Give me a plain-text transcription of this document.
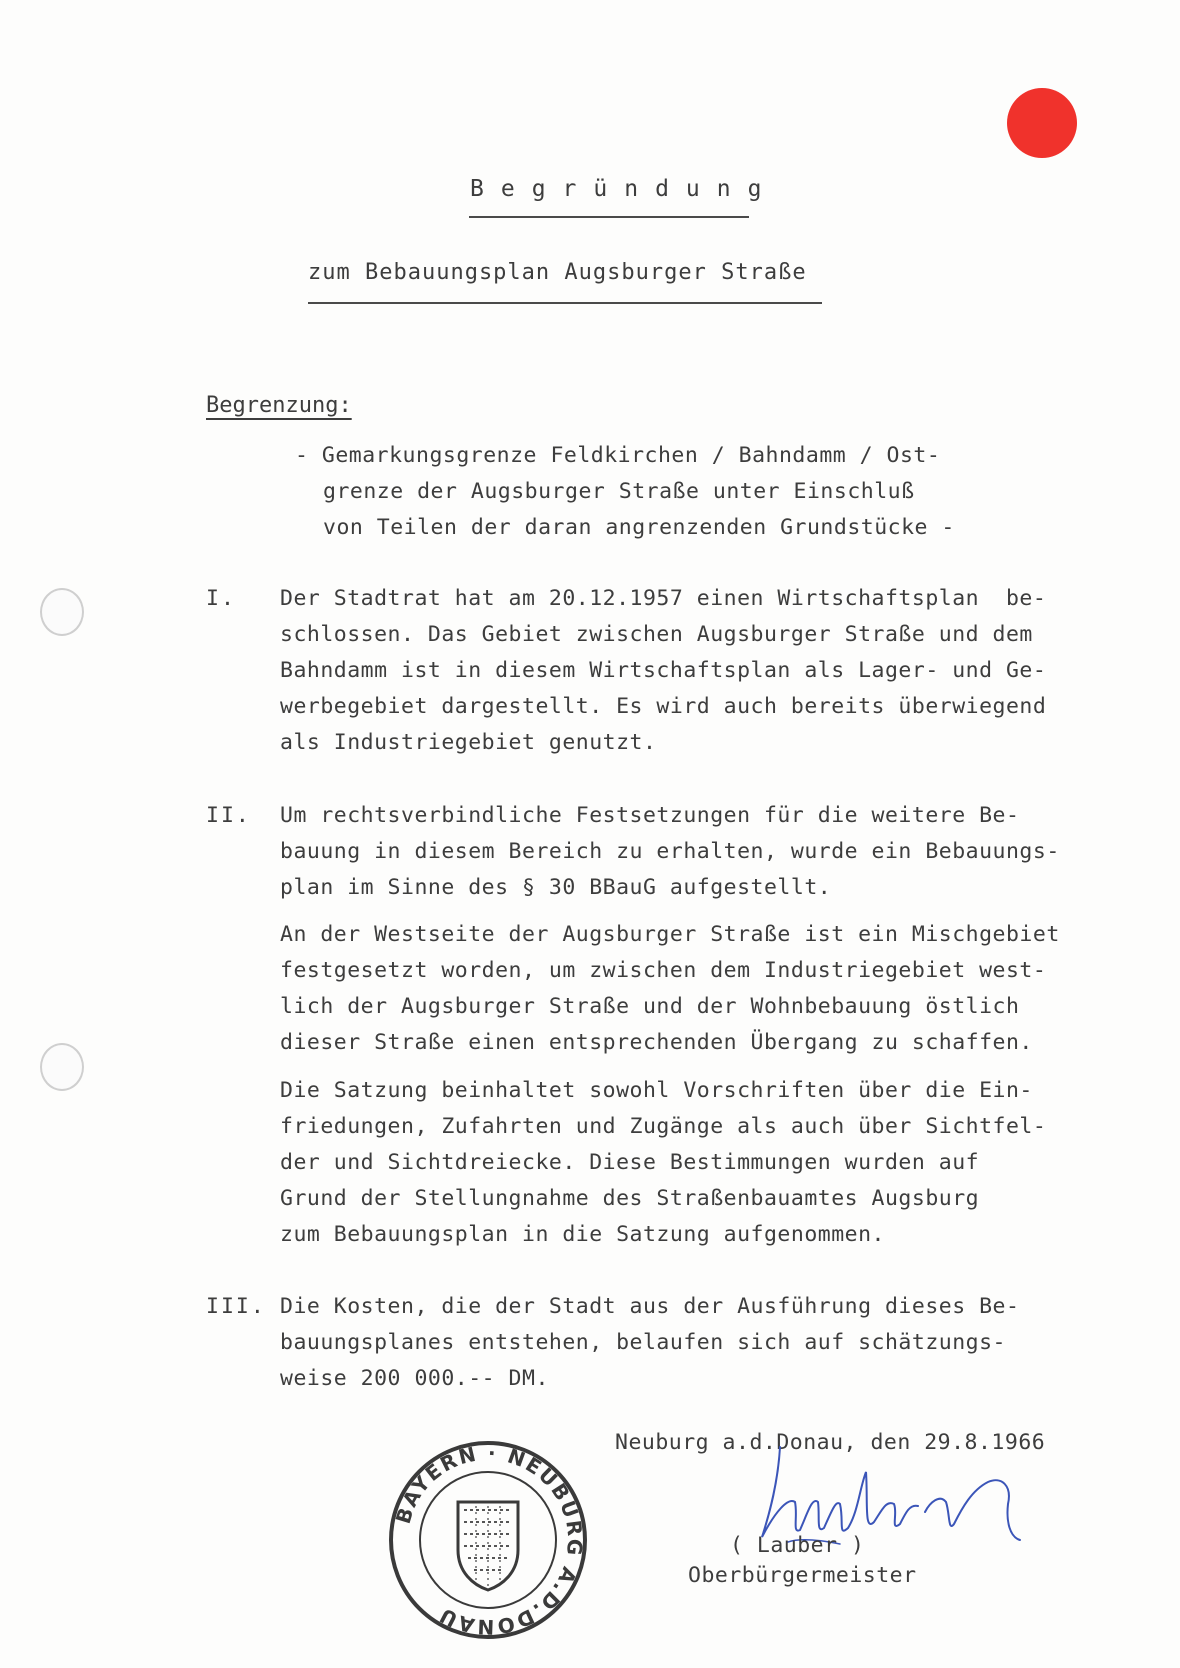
Begründung
zum Bebauungsplan Augsburger Straße
Begrenzung:
- Gemarkungsgrenze Feldkirchen / Bahndamm / Ost-
grenze der Augsburger Straße unter Einschluß
von Teilen der daran angrenzenden Grundstücke -
I. Der Stadtrat hat am 20.12.1957 einen Wirtschaftsplan  be-
schlossen. Das Gebiet zwischen Augsburger Straße und dem
Bahndamm ist in diesem Wirtschaftsplan als Lager- und Ge-
werbegebiet dargestellt. Es wird auch bereits überwiegend
als Industriegebiet genutzt.
II. Um rechtsverbindliche Festsetzungen für die weitere Be-
bauung in diesem Bereich zu erhalten, wurde ein Bebauungs-
plan im Sinne des § 30 BBauG aufgestellt.
An der Westseite der Augsburger Straße ist ein Mischgebiet
festgesetzt worden, um zwischen dem Industriegebiet west-
lich der Augsburger Straße und der Wohnbebauung östlich
dieser Straße einen entsprechenden Übergang zu schaffen.
Die Satzung beinhaltet sowohl Vorschriften über die Ein-
friedungen, Zufahrten und Zugänge als auch über Sichtfel-
der und Sichtdreiecke. Diese Bestimmungen wurden auf
Grund der Stellungnahme des Straßenbauamtes Augsburg
zum Bebauungsplan in die Satzung aufgenommen.
III. Die Kosten, die der Stadt aus der Ausführung dieses Be-
bauungsplanes entstehen, belaufen sich auf schätzungs-
weise 200 000.-- DM.
Neuburg a.d.Donau, den 29.8.1966
( Lauber )
Oberbürgermeister
BAYERN · NEUBURG A.D.DONAU
